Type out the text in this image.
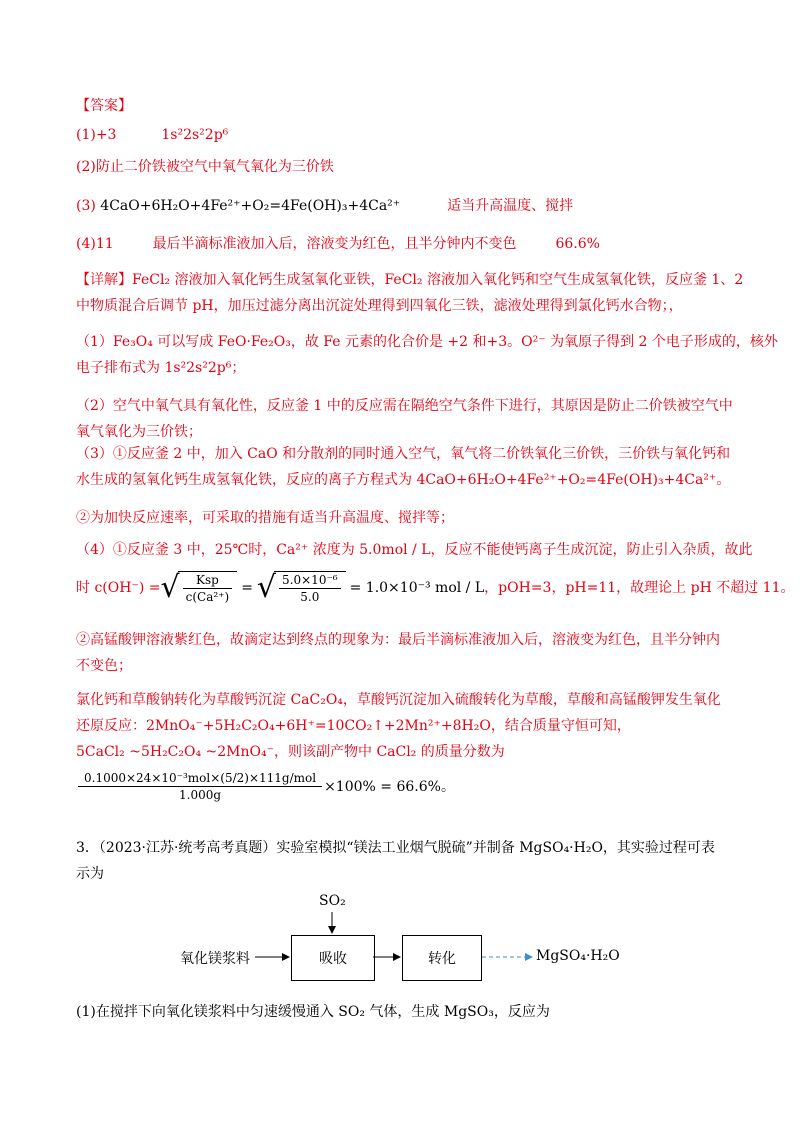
【答案】
(1)+3	1s²2s²2p⁶
(2)防止二价铁被空气中氧气氧化为三价铁
(3) 4CaO+6H₂O+4Fe²⁺+O₂=4Fe(OH)₃+4Ca²⁺	适当升高温度、搅拌
(4)11	最后半滴标准液加入后，溶液变为红色，且半分钟内不变色	66.6%
【详解】FeCl₂ 溶液加入氧化钙生成氢氧化亚铁，FeCl₂ 溶液加入氧化钙和空气生成氢氧化铁，反应釜 1、2
中物质混合后调节 pH，加压过滤分离出沉淀处理得到四氧化三铁，滤液处理得到氯化钙水合物；，
（1）Fe₃O₄ 可以写成 FeO·Fe₂O₃，故 Fe 元素的化合价是 +2 和+3。O²⁻ 为氧原子得到 2 个电子形成的，核外
电子排布式为 1s²2s²2p⁶；
（2）空气中氧气具有氧化性，反应釜 1 中的反应需在隔绝空气条件下进行，其原因是防止二价铁被空气中
氧气氧化为三价铁；
（3）①反应釜 2 中，加入 CaO 和分散剂的同时通入空气，氧气将二价铁氧化三价铁，三价铁与氧化钙和
水生成的氢氧化钙生成氢氧化铁，反应的离子方程式为 4CaO+6H₂O+4Fe²⁺+O₂=4Fe(OH)₃+4Ca²⁺。
②为加快反应速率，可采取的措施有适当升高温度、搅拌等；
（4）①反应釜 3 中，25℃时，Ca²⁺ 浓度为 5.0mol / L，反应不能使钙离子生成沉淀，防止引入杂质，故此
时 c(OH⁻) = √ $\frac{\text{Ksp}}{\text{c(Ca²⁺)}}$ = √ $\frac{\text{5.0×10⁻⁶}}{5.0} = 1.0\times 10^{-3}$ mol / L ，pOH=3，pH=11，故理论上 pH 不超过 11。
②高锰酸钾溶液紫红色，故滴定达到终点的现象为：最后半滴标准液加入后，溶液变为红色，且半分钟内
不变色；
氯化钙和草酸钠转化为草酸钙沉淀 CaC₂O₄，草酸钙沉淀加入硫酸转化为草酸，草酸和高锰酸钾发生氧化
还原反应：2MnO₄⁻+5H₂C₂O₄+6H⁺=10CO₂↑+2Mn²⁺+8H₂O，结合质量守恒可知，
5CaCl₂ ~5H₂C₂O₄ ~2MnO₄⁻，则该副产物中 CaCl₂ 的质量分数为
$\frac{\text{0.1000×24×10⁻³mol×(5/2)×111g/mol}}{1.000g} \times 100\% = 66.6\%$。
3．（2023·江苏·统考高考真题）实验室模拟“镁法工业烟气脱硫”并制备 MgSO₄·H₂O，其实验过程可表
示为
氧化镁浆料
SO₂
吸收	转化	MgSO₄·H₂O
(1)在搅拌下向氧化镁浆料中匀速缓慢通入 SO₂ 气体，生成 MgSO₃，反应为
